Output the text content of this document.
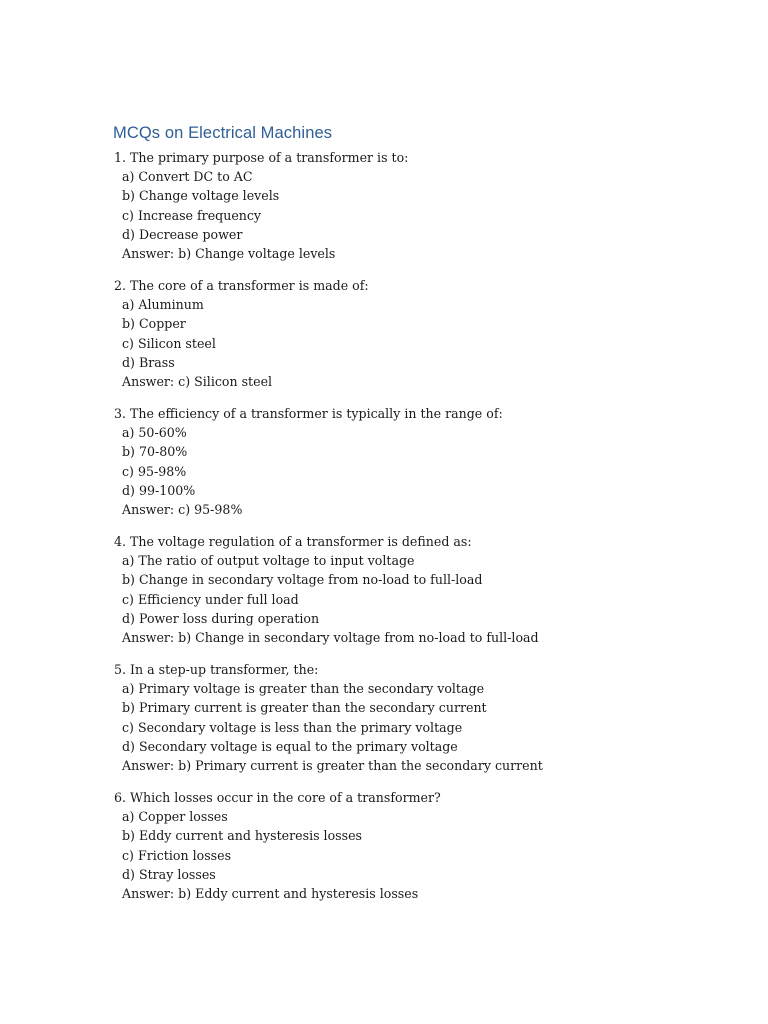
MCQs on Electrical Machines
1. The primary purpose of a transformer is to:
a) Convert DC to AC
b) Change voltage levels
c) Increase frequency
d) Decrease power
Answer: b) Change voltage levels
2. The core of a transformer is made of:
a) Aluminum
b) Copper
c) Silicon steel
d) Brass
Answer: c) Silicon steel
3. The efficiency of a transformer is typically in the range of:
a) 50-60%
b) 70-80%
c) 95-98%
d) 99-100%
Answer: c) 95-98%
4. The voltage regulation of a transformer is defined as:
a) The ratio of output voltage to input voltage
b) Change in secondary voltage from no-load to full-load
c) Efficiency under full load
d) Power loss during operation
Answer: b) Change in secondary voltage from no-load to full-load
5. In a step-up transformer, the:
a) Primary voltage is greater than the secondary voltage
b) Primary current is greater than the secondary current
c) Secondary voltage is less than the primary voltage
d) Secondary voltage is equal to the primary voltage
Answer: b) Primary current is greater than the secondary current
6. Which losses occur in the core of a transformer?
a) Copper losses
b) Eddy current and hysteresis losses
c) Friction losses
d) Stray losses
Answer: b) Eddy current and hysteresis losses
